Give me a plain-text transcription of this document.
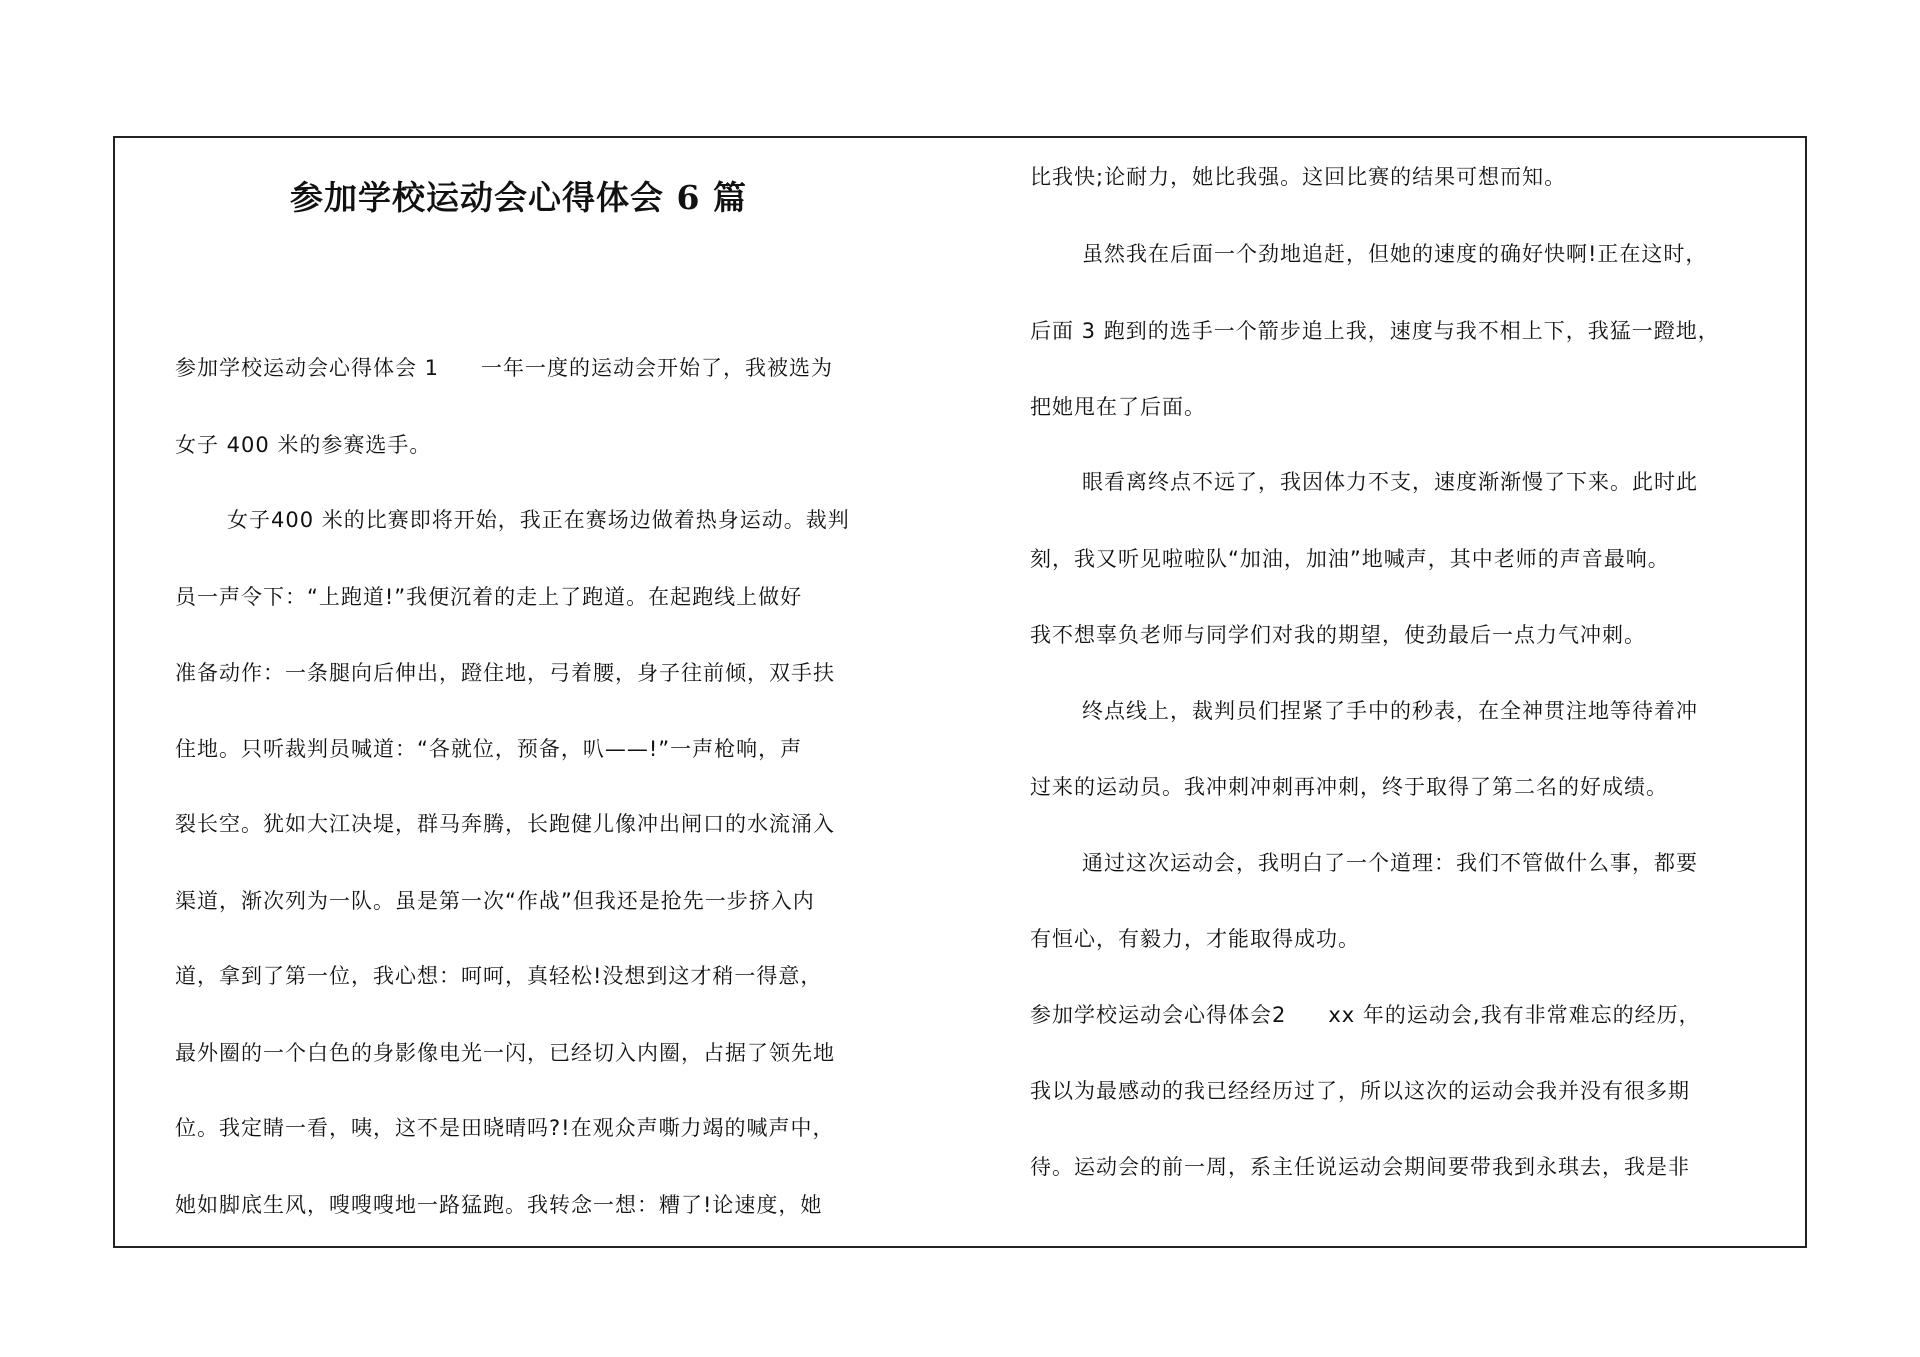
参加学校运动会心得体会 6 篇
参加学校运动会心得体会 1 一年一度的运动会开始了，我被选为
女子 400 米的参赛选手。
女子400 米的比赛即将开始，我正在赛场边做着热身运动。裁判
员一声令下：“上跑道!”我便沉着的走上了跑道。在起跑线上做好
准备动作：一条腿向后伸出，蹬住地，弓着腰，身子往前倾，双手扶
住地。只听裁判员喊道：“各就位，预备，叭——!”一声枪响，声
裂长空。犹如大江决堤，群马奔腾，长跑健儿像冲出闸口的水流涌入
渠道，渐次列为一队。虽是第一次“作战”但我还是抢先一步挤入内
道，拿到了第一位，我心想：呵呵，真轻松!没想到这才稍一得意，
最外圈的一个白色的身影像电光一闪，已经切入内圈，占据了领先地
位。我定睛一看，咦，这不是田晓晴吗?!在观众声嘶力竭的喊声中，
她如脚底生风，嗖嗖嗖地一路猛跑。我转念一想：糟了!论速度，她
比我快;论耐力，她比我强。这回比赛的结果可想而知。
虽然我在后面一个劲地追赶，但她的速度的确好快啊!正在这时，
后面 3 跑到的选手一个箭步追上我，速度与我不相上下，我猛一蹬地，
把她甩在了后面。
眼看离终点不远了，我因体力不支，速度渐渐慢了下来。此时此
刻，我又听见啦啦队“加油，加油”地喊声，其中老师的声音最响。
我不想辜负老师与同学们对我的期望，使劲最后一点力气冲刺。
终点线上，裁判员们捏紧了手中的秒表，在全神贯注地等待着冲
过来的运动员。我冲刺冲刺再冲刺，终于取得了第二名的好成绩。
通过这次运动会，我明白了一个道理：我们不管做什么事，都要
有恒心，有毅力，才能取得成功。
参加学校运动会心得体会2 xx 年的运动会,我有非常难忘的经历，
我以为最感动的我已经经历过了，所以这次的运动会我并没有很多期
待。运动会的前一周，系主任说运动会期间要带我到永琪去，我是非
